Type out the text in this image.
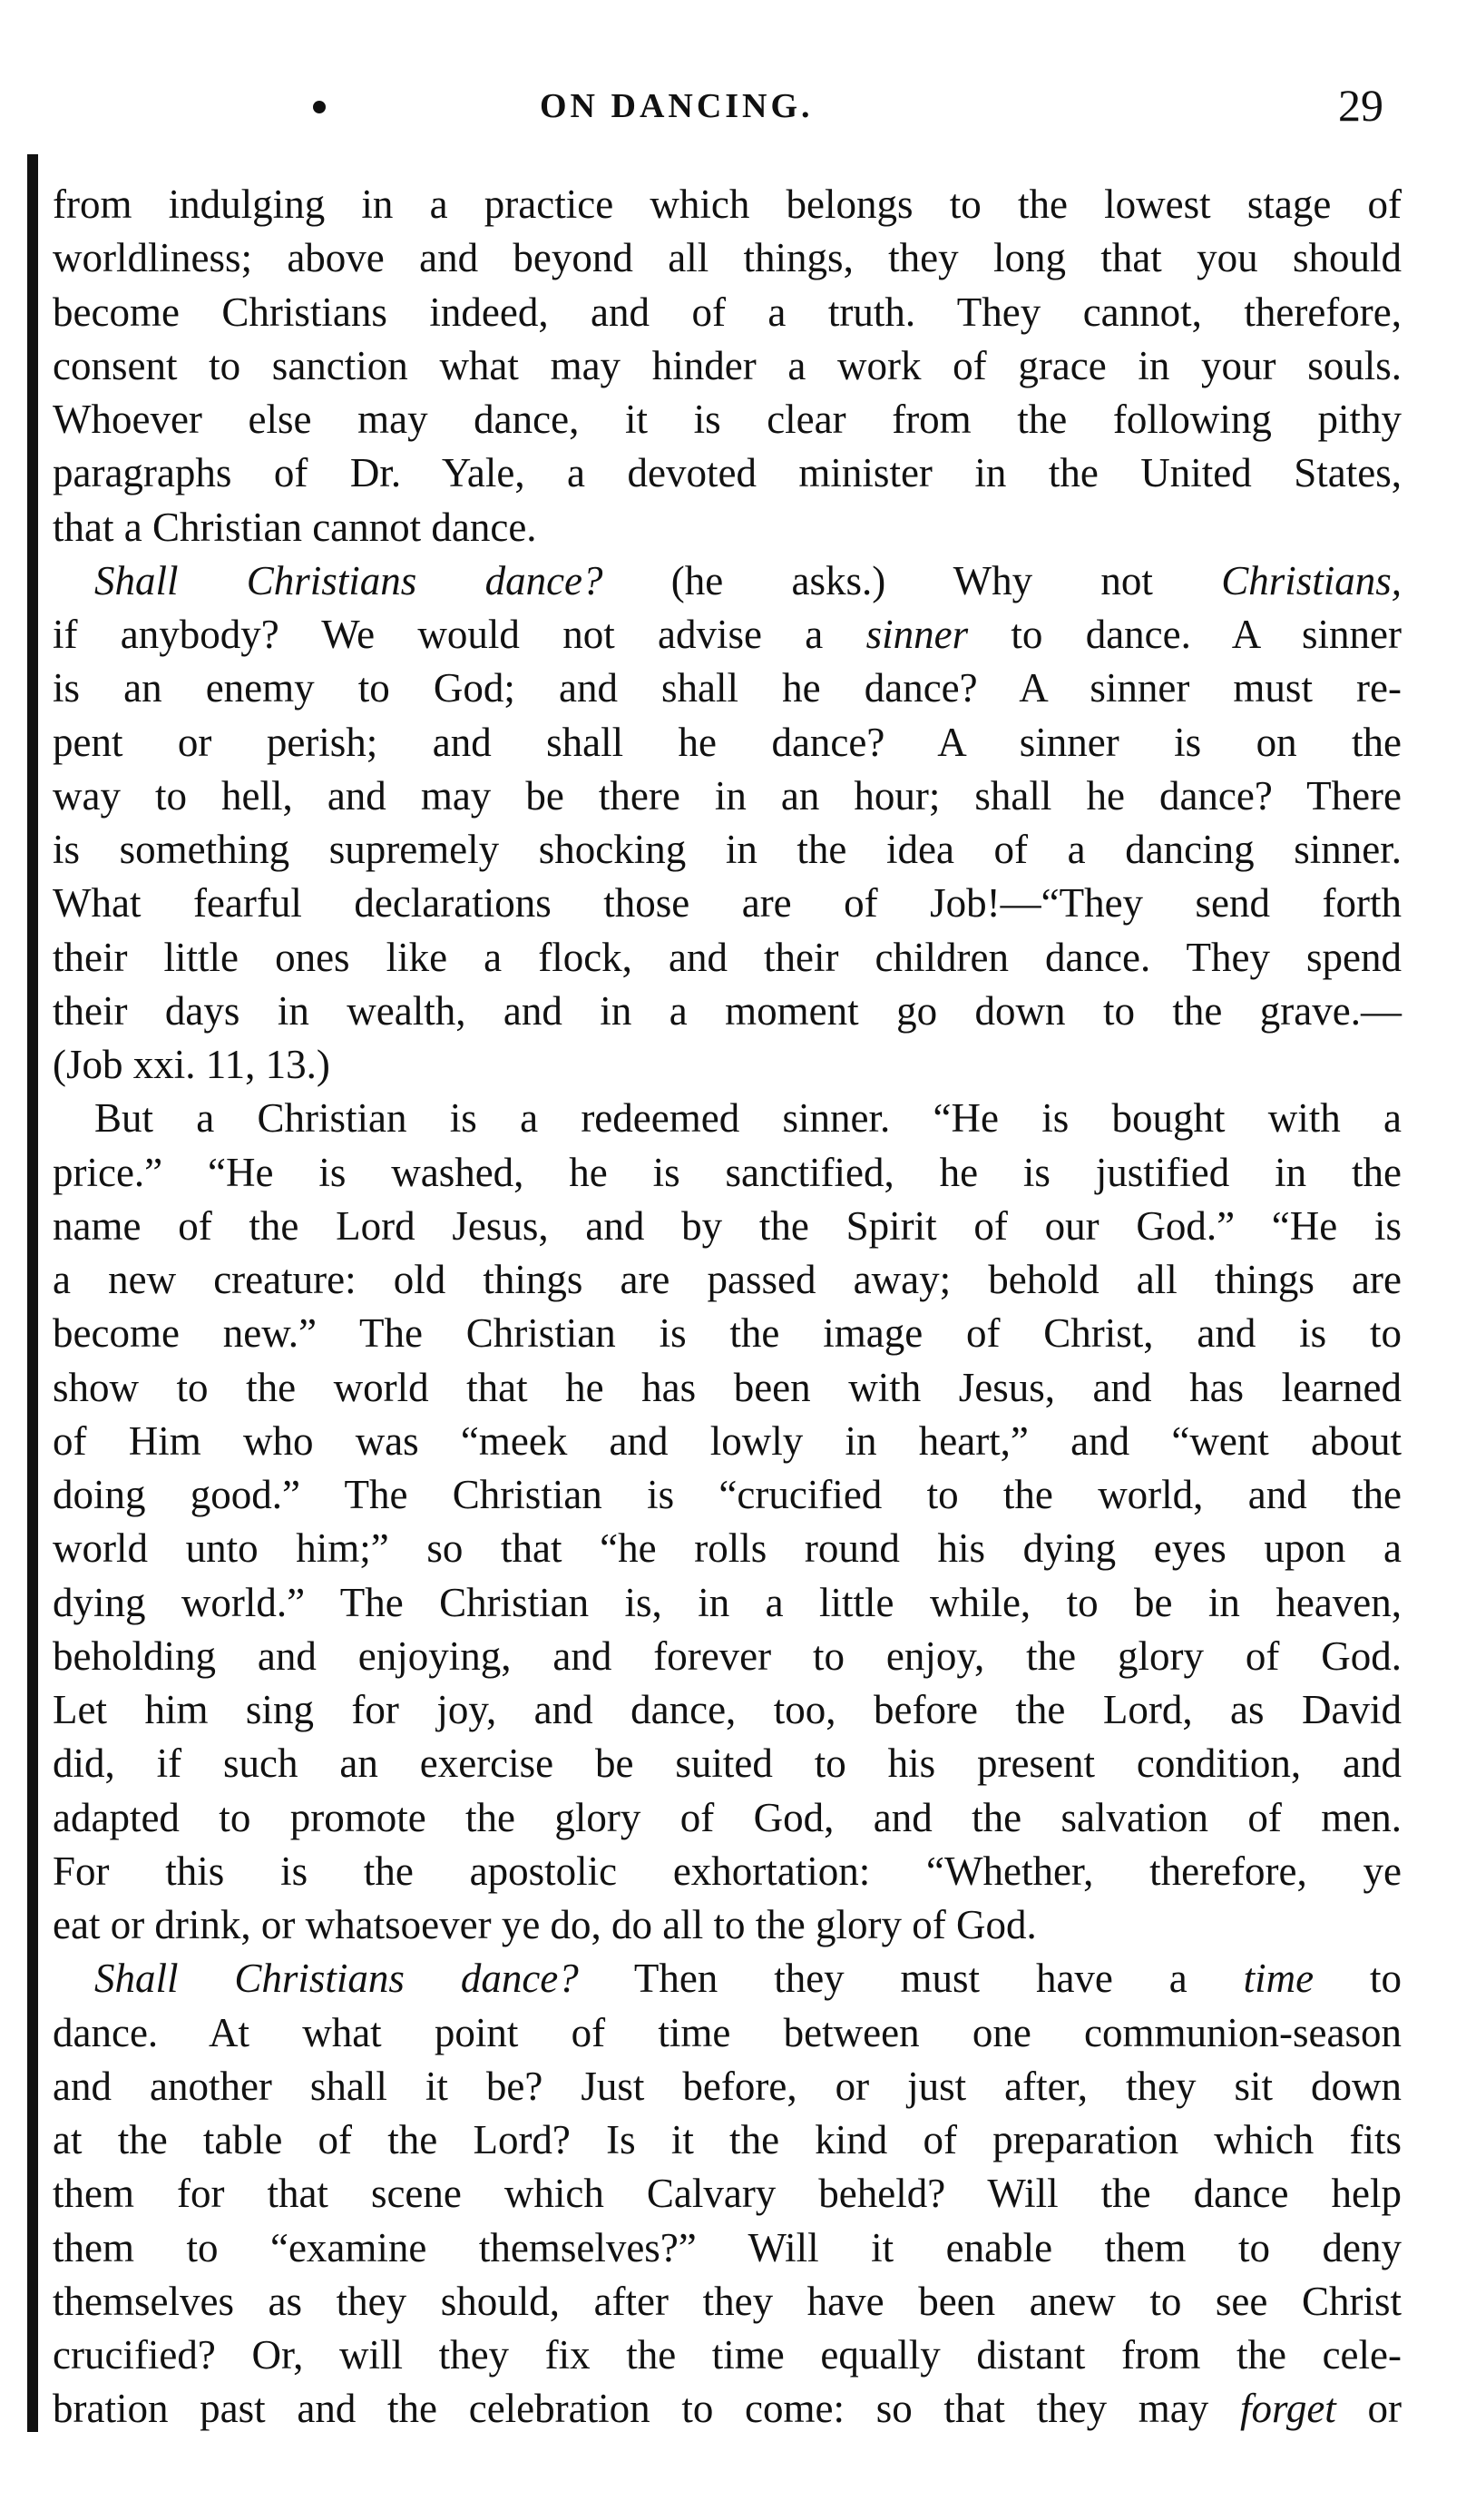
ON DANCING.	29
from indulging in a practice which belongs to the lowest stage of
worldliness; above and beyond all things, they long that you should
become Christians indeed, and of a truth. They cannot, therefore,
consent to sanction what may hinder a work of grace in your souls.
Whoever else may dance, it is clear from the following pithy
paragraphs of Dr. Yale, a devoted minister in the United States,
that a Christian cannot dance.
Shall Christians dance? (he asks.) Why not Christians,
if anybody? We would not advise a sinner to dance. A sinner
is an enemy to God; and shall he dance? A sinner must re-
pent or perish; and shall he dance? A sinner is on the
way to hell, and may be there in an hour; shall he dance? There
is something supremely shocking in the idea of a dancing sinner.
What fearful declarations those are of Job!—“They send forth
their little ones like a flock, and their children dance. They spend
their days in wealth, and in a moment go down to the grave.—
(Job xxi. 11, 13.)
But a Christian is a redeemed sinner. “He is bought with a
price.” “He is washed, he is sanctified, he is justified in the
name of the Lord Jesus, and by the Spirit of our God.” “He is
a new creature: old things are passed away; behold all things are
become new.” The Christian is the image of Christ, and is to
show to the world that he has been with Jesus, and has learned
of Him who was “meek and lowly in heart,” and “went about
doing good.” The Christian is “crucified to the world, and the
world unto him;” so that “he rolls round his dying eyes upon a
dying world.” The Christian is, in a little while, to be in heaven,
beholding and enjoying, and forever to enjoy, the glory of God.
Let him sing for joy, and dance, too, before the Lord, as David
did, if such an exercise be suited to his present condition, and
adapted to promote the glory of God, and the salvation of men.
For this is the apostolic exhortation: “Whether, therefore, ye
eat or drink, or whatsoever ye do, do all to the glory of God.
Shall Christians dance? Then they must have a time to
dance. At what point of time between one communion-season
and another shall it be? Just before, or just after, they sit down
at the table of the Lord? Is it the kind of preparation which fits
them for that scene which Calvary beheld? Will the dance help
them to “examine themselves?” Will it enable them to deny
themselves as they should, after they have been anew to see Christ
crucified? Or, will they fix the time equally distant from the cele-
bration past and the celebration to come: so that they may forget or
